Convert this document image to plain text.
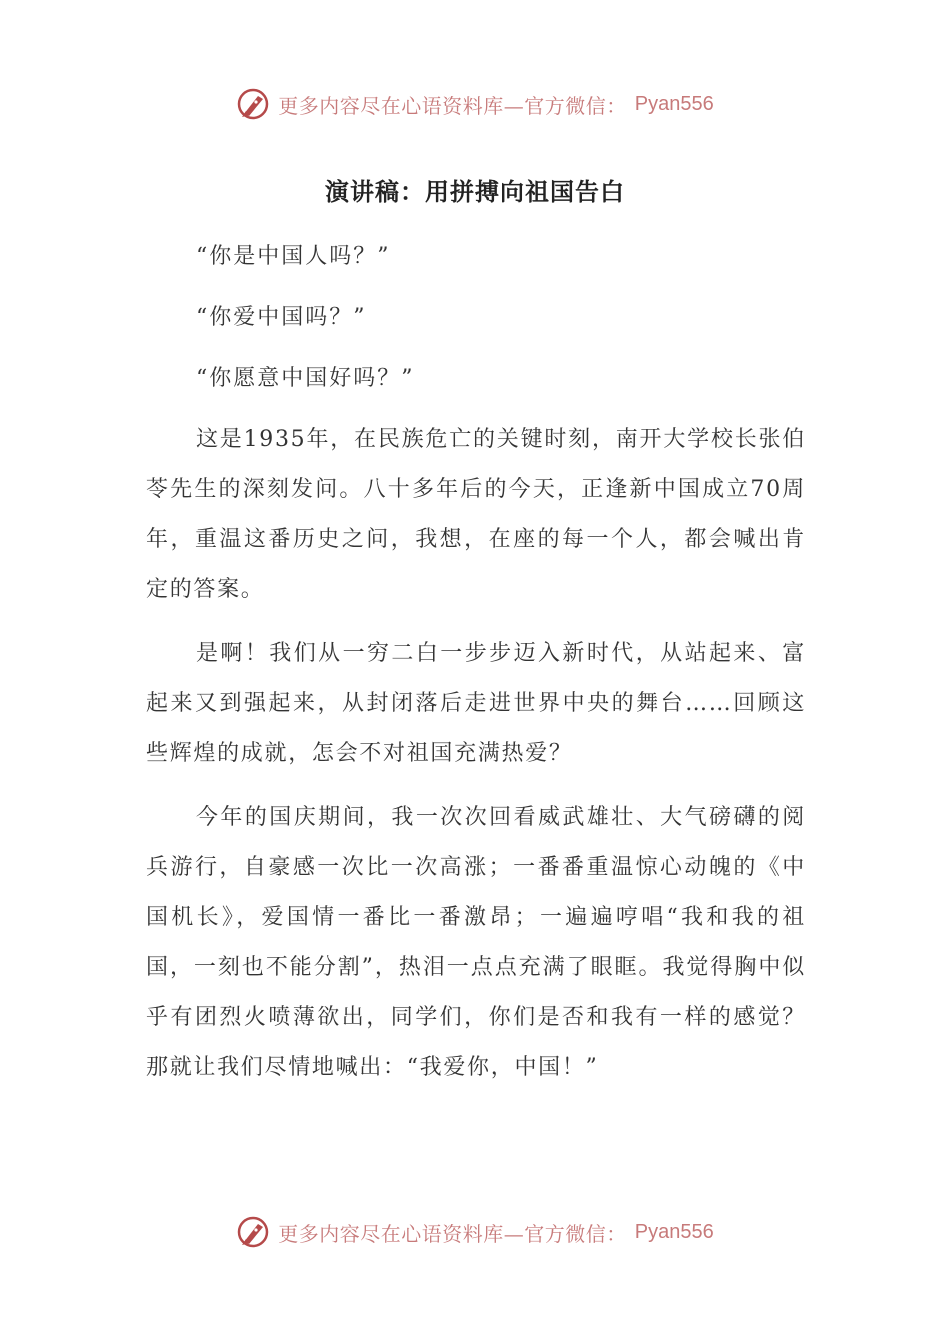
更多内容尽在心语资料库—官方微信： Pyan556
演讲稿：用拼搏向祖国告白

“你是中国人吗？”

“你爱中国吗？”

“你愿意中国好吗？”

这是1935年，在民族危亡的关键时刻，南开大学校长张伯苓先生的深刻发问。八十多年后的今天，正逢新中国成立70周年，重温这番历史之问，我想，在座的每一个人，都会喊出肯定的答案。

是啊！我们从一穷二白一步步迈入新时代，从站起来、富起来又到强起来，从封闭落后走进世界中央的舞台……回顾这些辉煌的成就，怎会不对祖国充满热爱？

今年的国庆期间，我一次次回看威武雄壮、大气磅礴的阅兵游行，自豪感一次比一次高涨；一番番重温惊心动魄的《中国机长》，爱国情一番比一番激昂；一遍遍哼唱“我和我的祖国，一刻也不能分割”，热泪一点点充满了眼眶。我觉得胸中似乎有团烈火喷薄欲出，同学们，你们是否和我有一样的感觉？那就让我们尽情地喊出：“我爱你，中国！”

更多内容尽在心语资料库—官方微信： Pyan556
